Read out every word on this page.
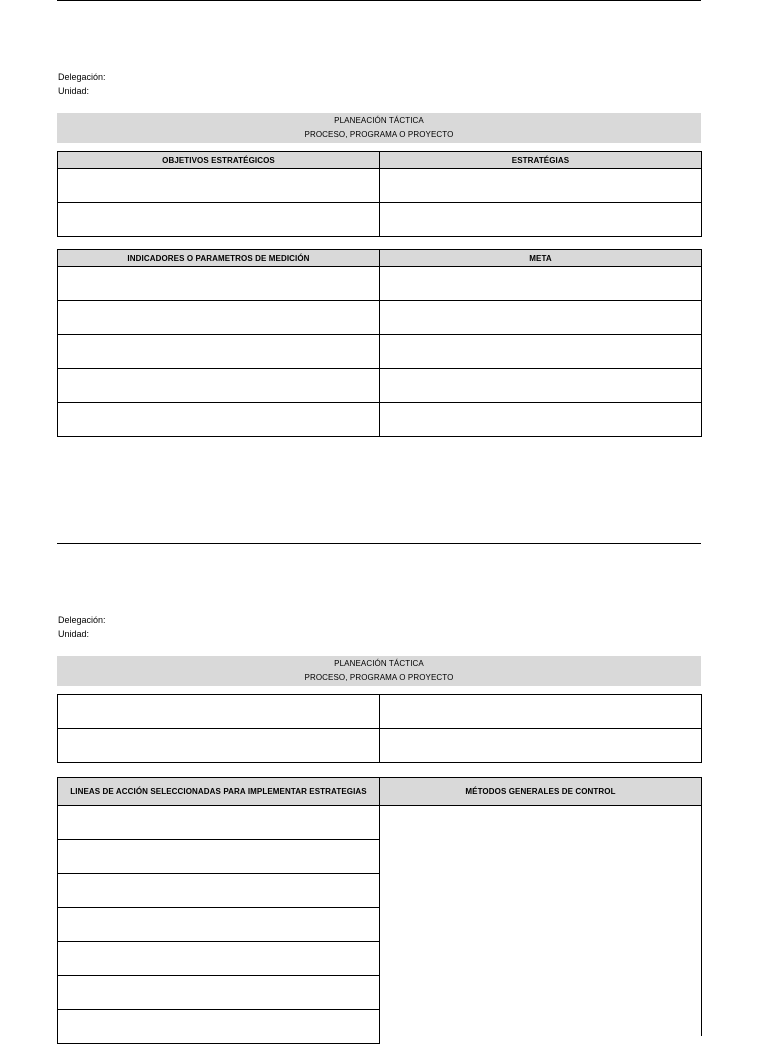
Delegación:
Unidad:
PLANEACIÓN TÁCTICA
PROCESO, PROGRAMA O PROYECTO
OBJETIVOS ESTRATÉGICOS	ESTRATÉGIAS
INDICADORES O PARAMETROS DE MEDICIÓN	META
Delegación:
Unidad:
PLANEACIÓN TÁCTICA
PROCESO, PROGRAMA O PROYECTO
LINEAS DE ACCIÓN SELECCIONADAS PARA IMPLEMENTAR ESTRATEGIAS	MÉTODOS GENERALES DE CONTROL
